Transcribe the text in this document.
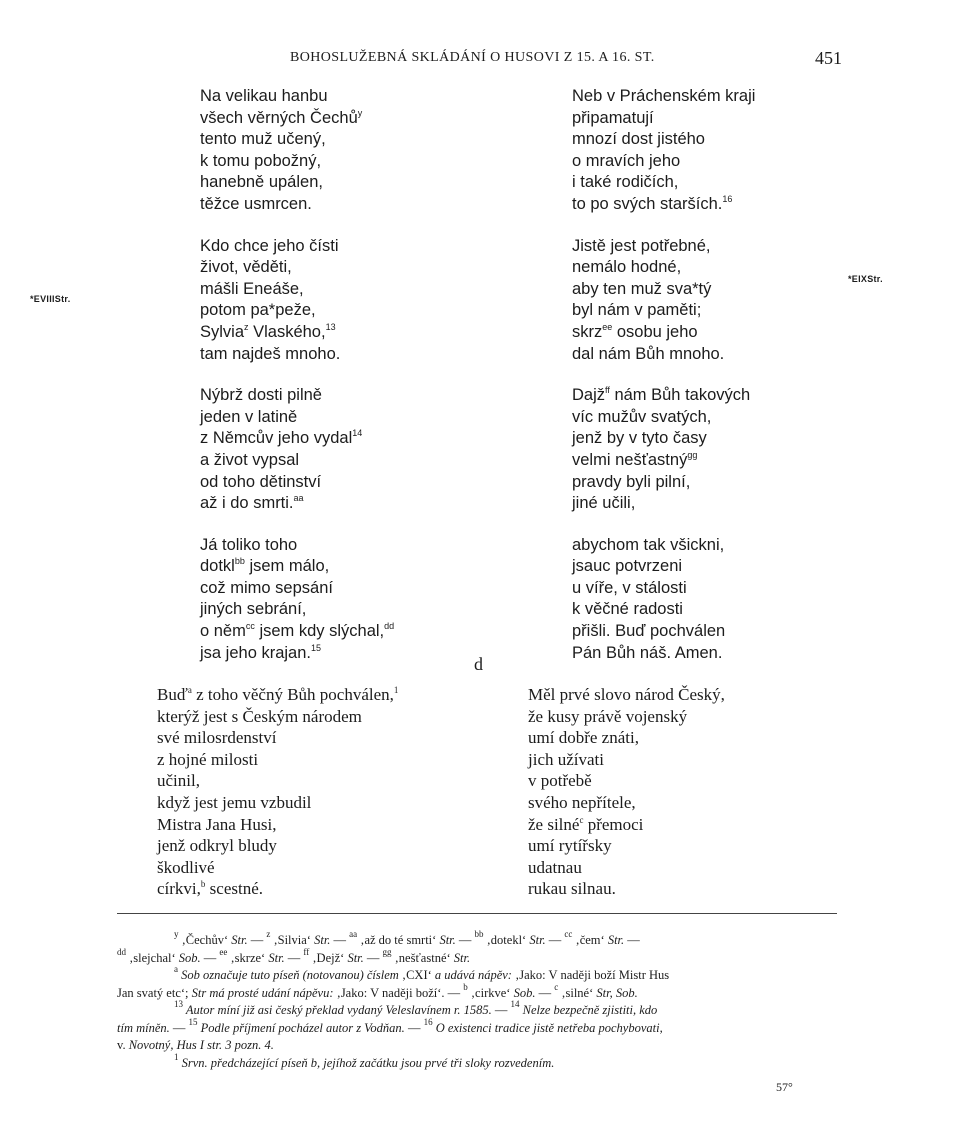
BOHOSLUŽEBNÁ SKLÁDÁNÍ O HUSOVI Z 15. A 16. ST.	451
*EVIIIStr.
*EIXStr.
Na velikau hanbu
všech věrných Čechů$^y$
tento muž učený,
k tomu pobožný,
hanebně upálen,
těžce usmrcen.
Kdo chce jeho čísti
život, věděti,
mášli Eneáše,
potom pa*peže,
Sylvia$^z$ Vlaského,$^{13}$
tam najdeš mnoho.
Nýbrž dosti pilně
jeden v latině
z Němcův jeho vydal$^{14}$
a život vypsal
od toho dětinství
až i do smrti.$^{aa}$
Já toliko toho
dotkl$^{bb}$ jsem málo,
což mimo sepsání
jiných sebrání,
o něm$^{cc}$ jsem kdy slýchal,$^{dd}$
jsa jeho krajan.$^{15}$
Neb v Práchenském kraji
připamatují
mnozí dost jistého
o mravích jeho
i také rodičích,
to po svých starších.$^{16}$
Jistě jest potřebné,
nemálo hodné,
aby ten muž sva*tý
byl nám v paměti;
skrz$^{ee}$ osobu jeho
dal nám Bůh mnoho.
Dajž$^{ff}$ nám Bůh takových
víc mužův svatých,
jenž by v tyto časy
velmi nešťastný$^{gg}$
pravdy byli pilní,
jiné učili,
abychom tak všickni,
jsauc potvrzeni
u víře, v stálosti
k věčné radosti
přišli. Buď pochválen
Pán Bůh náš. Amen.
d
Buď$^a$ z toho věčný Bůh pochválen,$^1$
kterýž jest s Českým národem
své milosrdenství
z hojné milosti
učinil,
když jest jemu vzbudil
Mistra Jana Husi,
jenž odkryl bludy
škodlivé
církvi,$^b$ scestné.
Měl prvé slovo národ Český,
že kusy právě vojenský
umí dobře znáti,
jich užívati
v potřebě
svého nepřítele,
že silné$^c$ přemoci
umí rytířsky
udatnau
rukau silnau.
$^y$ ‚Čechův‘ Str. — $^z$ ‚Silvia‘ Str. — $^{aa}$ ‚až do té smrti‘ Str. — $^{bb}$ ‚dotekl‘ Str. — $^{cc}$ ‚čem‘ Str. —
$^{dd}$ ‚slejchal‘ Sob. — $^{ee}$ ‚skrze‘ Str. — $^{ff}$ ‚Dejž‘ Str. — $^{gg}$ ‚nešťastné‘ Str.
$^a$ Sob označuje tuto píseň (notovanou) číslem ‚CXI‘ a udává nápěv: ‚Jako: V naději boží Mistr Hus
Jan svatý etc‘; Str má prosté udání nápěvu: ‚Jako: V naději boží‘. — $^b$ ‚cirkve‘ Sob. — $^c$ ‚silné‘ Str, Sob.
$^{13}$ Autor míní již asi český překlad vydaný Veleslavínem r. 1585. — $^{14}$ Nelze bezpečně zjistiti, kdo
tím míněn. — $^{15}$ Podle příjmení pocházel autor z Vodňan. — $^{16}$ O existenci tradice jistě netřeba pochybovati,
v. Novotný, Hus I str. 3 pozn. 4.
$^1$ Srvn. předcházející píseň b, jejíhož začátku jsou prvé tři sloky rozvedením.
57°
